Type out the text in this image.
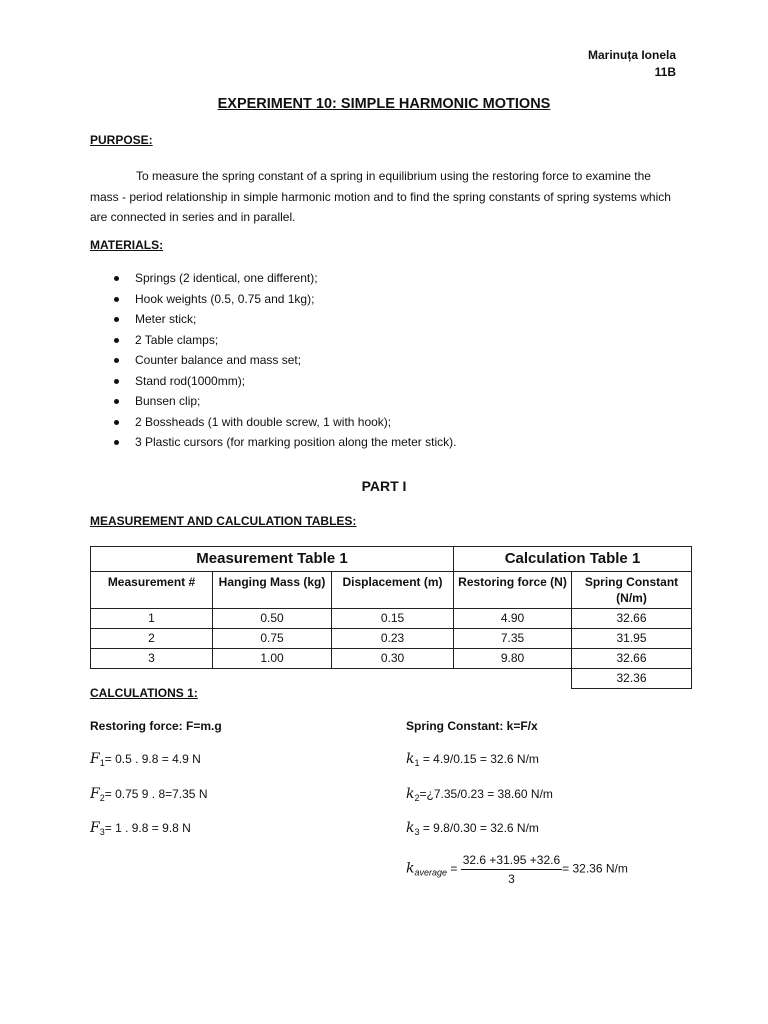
Marinuța Ionela
11B
EXPERIMENT 10: SIMPLE HARMONIC MOTIONS
PURPOSE:
To measure the spring constant of a spring in equilibrium using the restoring force to examine the mass - period relationship in simple harmonic motion and to find the spring constants of spring systems which are connected in series and in parallel.
MATERIALS:
Springs (2 identical, one different);
Hook weights (0.5, 0.75 and 1kg);
Meter stick;
2 Table clamps;
Counter balance and mass set;
Stand rod(1000mm);
Bunsen clip;
2 Bossheads (1 with double screw, 1 with hook);
3 Plastic cursors (for marking position along the meter stick).
PART I
MEASUREMENT AND CALCULATION TABLES:
Measurement Table 1			Calculation Table 1	
Measurement #	Hanging Mass (kg)	Displacement (m)	Restoring force (N)	Spring Constant (N/m)
1	0.50	0.15	4.90	32.66
2	0.75	0.23	7.35	31.95
3	1.00	0.30	9.80	32.66
				32.36
CALCULATIONS 1:
Restoring force: F=m.g	Spring Constant: k=F/x
$F_1= 0.5$ . 9.8 = 4.9 N
$F_2= 0.75$ 9 . 8=7.35 N
$F_3= 1$ . 9.8 = 9.8 N
$k_1 = 4.9/0.15 = 32.6$ N/m
$k_2=¿7.35/0.23 = 38.60$ N/m
$k_3 = 9.8/0.30 = 32.6$ N/m
$k_{average} = \frac{32.6 +31.95 +32.6}{3} = 32.36$ N/m
